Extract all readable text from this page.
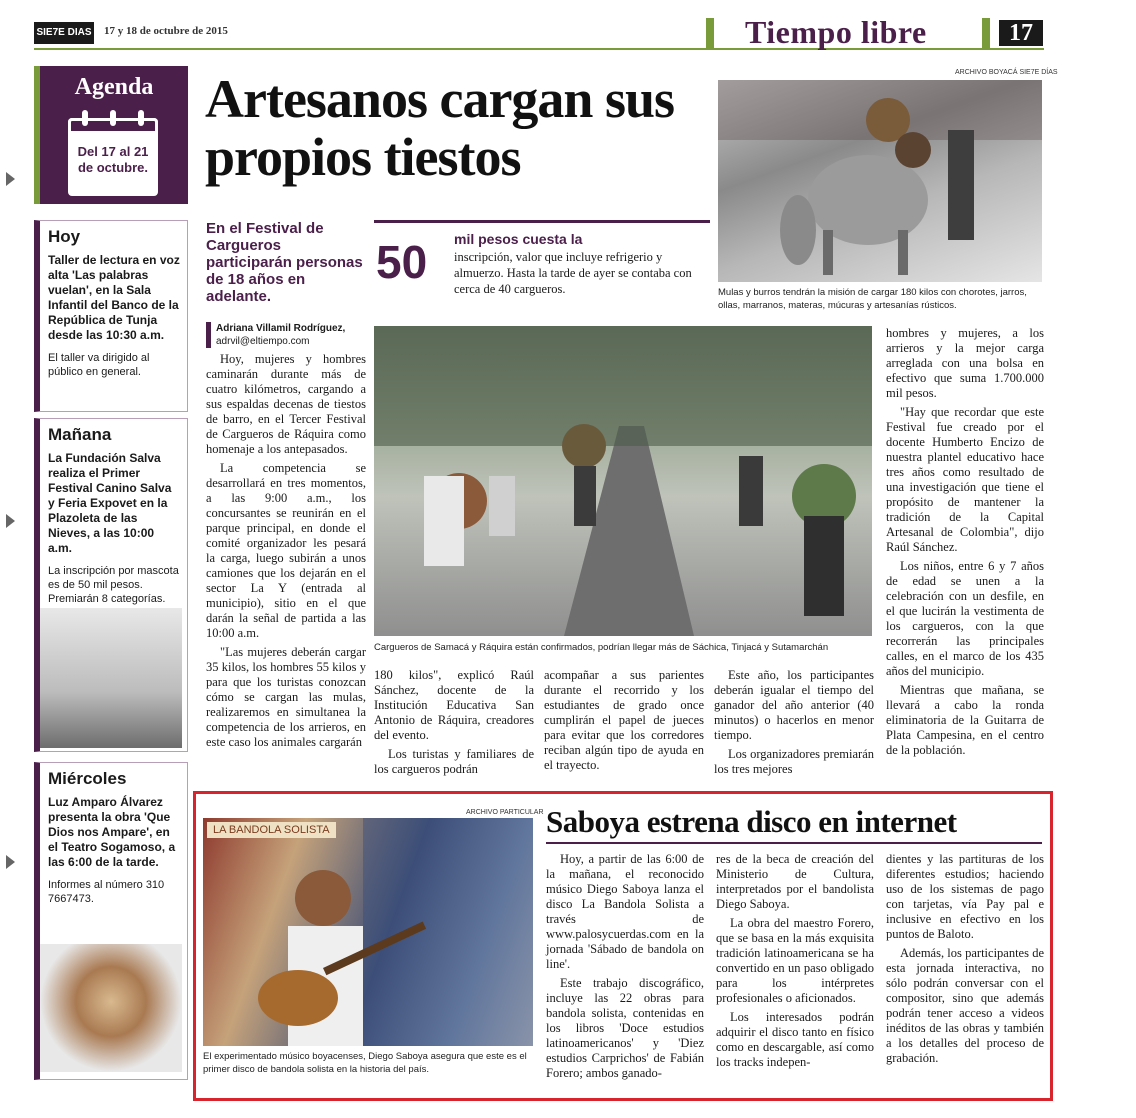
SIE7E DIAS 17 y 18 de octubre de 2015	Tiempo libre	17
Agenda
Del 17 al 21 de octubre.
Hoy
Taller de lectura en voz alta 'Las palabras vuelan', en la Sala Infantil del Banco de la República de Tunja desde las 10:30 a.m.
El taller va dirigido al público en general.
Mañana
La Fundación Salva realiza el Primer Festival Canino Salva y Feria Expovet en la Plazoleta de las Nieves, a las 10:00 a.m.
La inscripción por mascota es de 50 mil pesos. Premiarán 8 categorías.
Miércoles
Luz Amparo Álvarez presenta la obra 'Que Dios nos Ampare', en el Teatro Sogamoso, a las 6:00 de la tarde.
Informes al número 310 7667473.
Artesanos cargan sus propios tiestos
En el Festival de Cargueros participarán personas de 18 años en adelante.
Adriana Villamil Rodríguez,
adrvil@eltiempo.com
50 mil pesos cuesta la
inscripción, valor que incluye refrigerio y almuerzo. Hasta la tarde de ayer se contaba con cerca de 40 cargueros.
ARCHIVO BOYACÁ SIE7E DÍAS
Mulas y burros tendrán la misión de cargar 180 kilos con chorotes, jarros, ollas, marranos, materas, múcuras y artesanías rústicos.

Hoy, mujeres y hombres caminarán durante más de cuatro kilómetros, cargando a sus espaldas decenas de tiestos de barro, en el Tercer Festival de Cargueros de Ráquira como homenaje a los antepasados.

La competencia se desarrollará en tres momentos, a las 9:00 a.m., los concursantes se reunirán en el parque principal, en donde el comité organizador les pesará la carga, luego subirán a unos camiones que los dejarán en el sector La Y (entrada al municipio), sitio en el que darán la señal de partida a las 10:00 a.m.

"Las mujeres deberán cargar 35 kilos, los hombres 55 kilos y para que los turistas conozcan cómo se cargan las mulas, realizaremos en simultanea la competencia de los arrieros, en este caso los animales cargarán

Cargueros de Samacá y Ráquira están confirmados, podrían llegar más de Sáchica, Tinjacá y Sutamarchán

180 kilos", explicó Raúl Sánchez, docente de la Institución Educativa San Antonio de Ráquira, creadores del evento.

Los turistas y familiares de los cargueros podrán

acompañar a sus parientes durante el recorrido y los estudiantes de grado once cumplirán el papel de jueces para evitar que los corredores reciban algún tipo de ayuda en el trayecto.

Este año, los participantes deberán igualar el tiempo del ganador del año anterior (40 minutos) o hacerlos en menor tiempo.

Los organizadores premiarán los tres mejores

hombres y mujeres, a los arrieros y la mejor carga arreglada con una bolsa en efectivo que suma 1.700.000 mil pesos.

"Hay que recordar que este Festival fue creado por el docente Humberto Encizo de nuestra plantel educativo hace tres años como resultado de una investigación que tiene el propósito de mantener la tradición de la Capital Artesanal de Colombia", dijo Raúl Sánchez.

Los niños, entre 6 y 7 años de edad se unen a la celebración con un desfile, en el que lucirán la vestimenta de los cargueros, con la que recorrerán las principales calles, en el marco de los 435 años del municipio.

Mientras que mañana, se llevará a cabo la ronda eliminatoria de la Guitarra de Plata Campesina, en el centro de la población.

ARCHIVO PARTICULAR
LA BANDOLA SOLISTA
El experimentado músico boyacenses, Diego Saboya asegura que este es el primer disco de bandola solista en la historia del país.
Saboya estrena disco en internet

Hoy, a partir de las 6:00 de la mañana, el reconocido músico Diego Saboya lanza el disco La Bandola Solista a través de www.palosycuerdas.com en la jornada 'Sábado de bandola on line'.

Este trabajo discográfico, incluye las 22 obras para bandola solista, contenidas en los libros 'Doce estudios latinoamericanos' y 'Diez estudios Carprichos' de Fabián Forero; ambos ganado-

res de la beca de creación del Ministerio de Cultura, interpretados por el bandolista Diego Saboya.

La obra del maestro Forero, que se basa en la más exquisita tradición latinoamericana se ha convertido en un paso obligado para los intérpretes profesionales o aficionados.

Los interesados podrán adquirir el disco tanto en físico como en descargable, así como los tracks indepen-

dientes y las partituras de los diferentes estudios; haciendo uso de los sistemas de pago con tarjetas, vía Pay pal e inclusive en efectivo en los puntos de Baloto.

Además, los participantes de esta jornada interactiva, no sólo podrán conversar con el compositor, sino que además podrán tener acceso a videos inéditos de las obras y también a los detalles del proceso de grabación.
